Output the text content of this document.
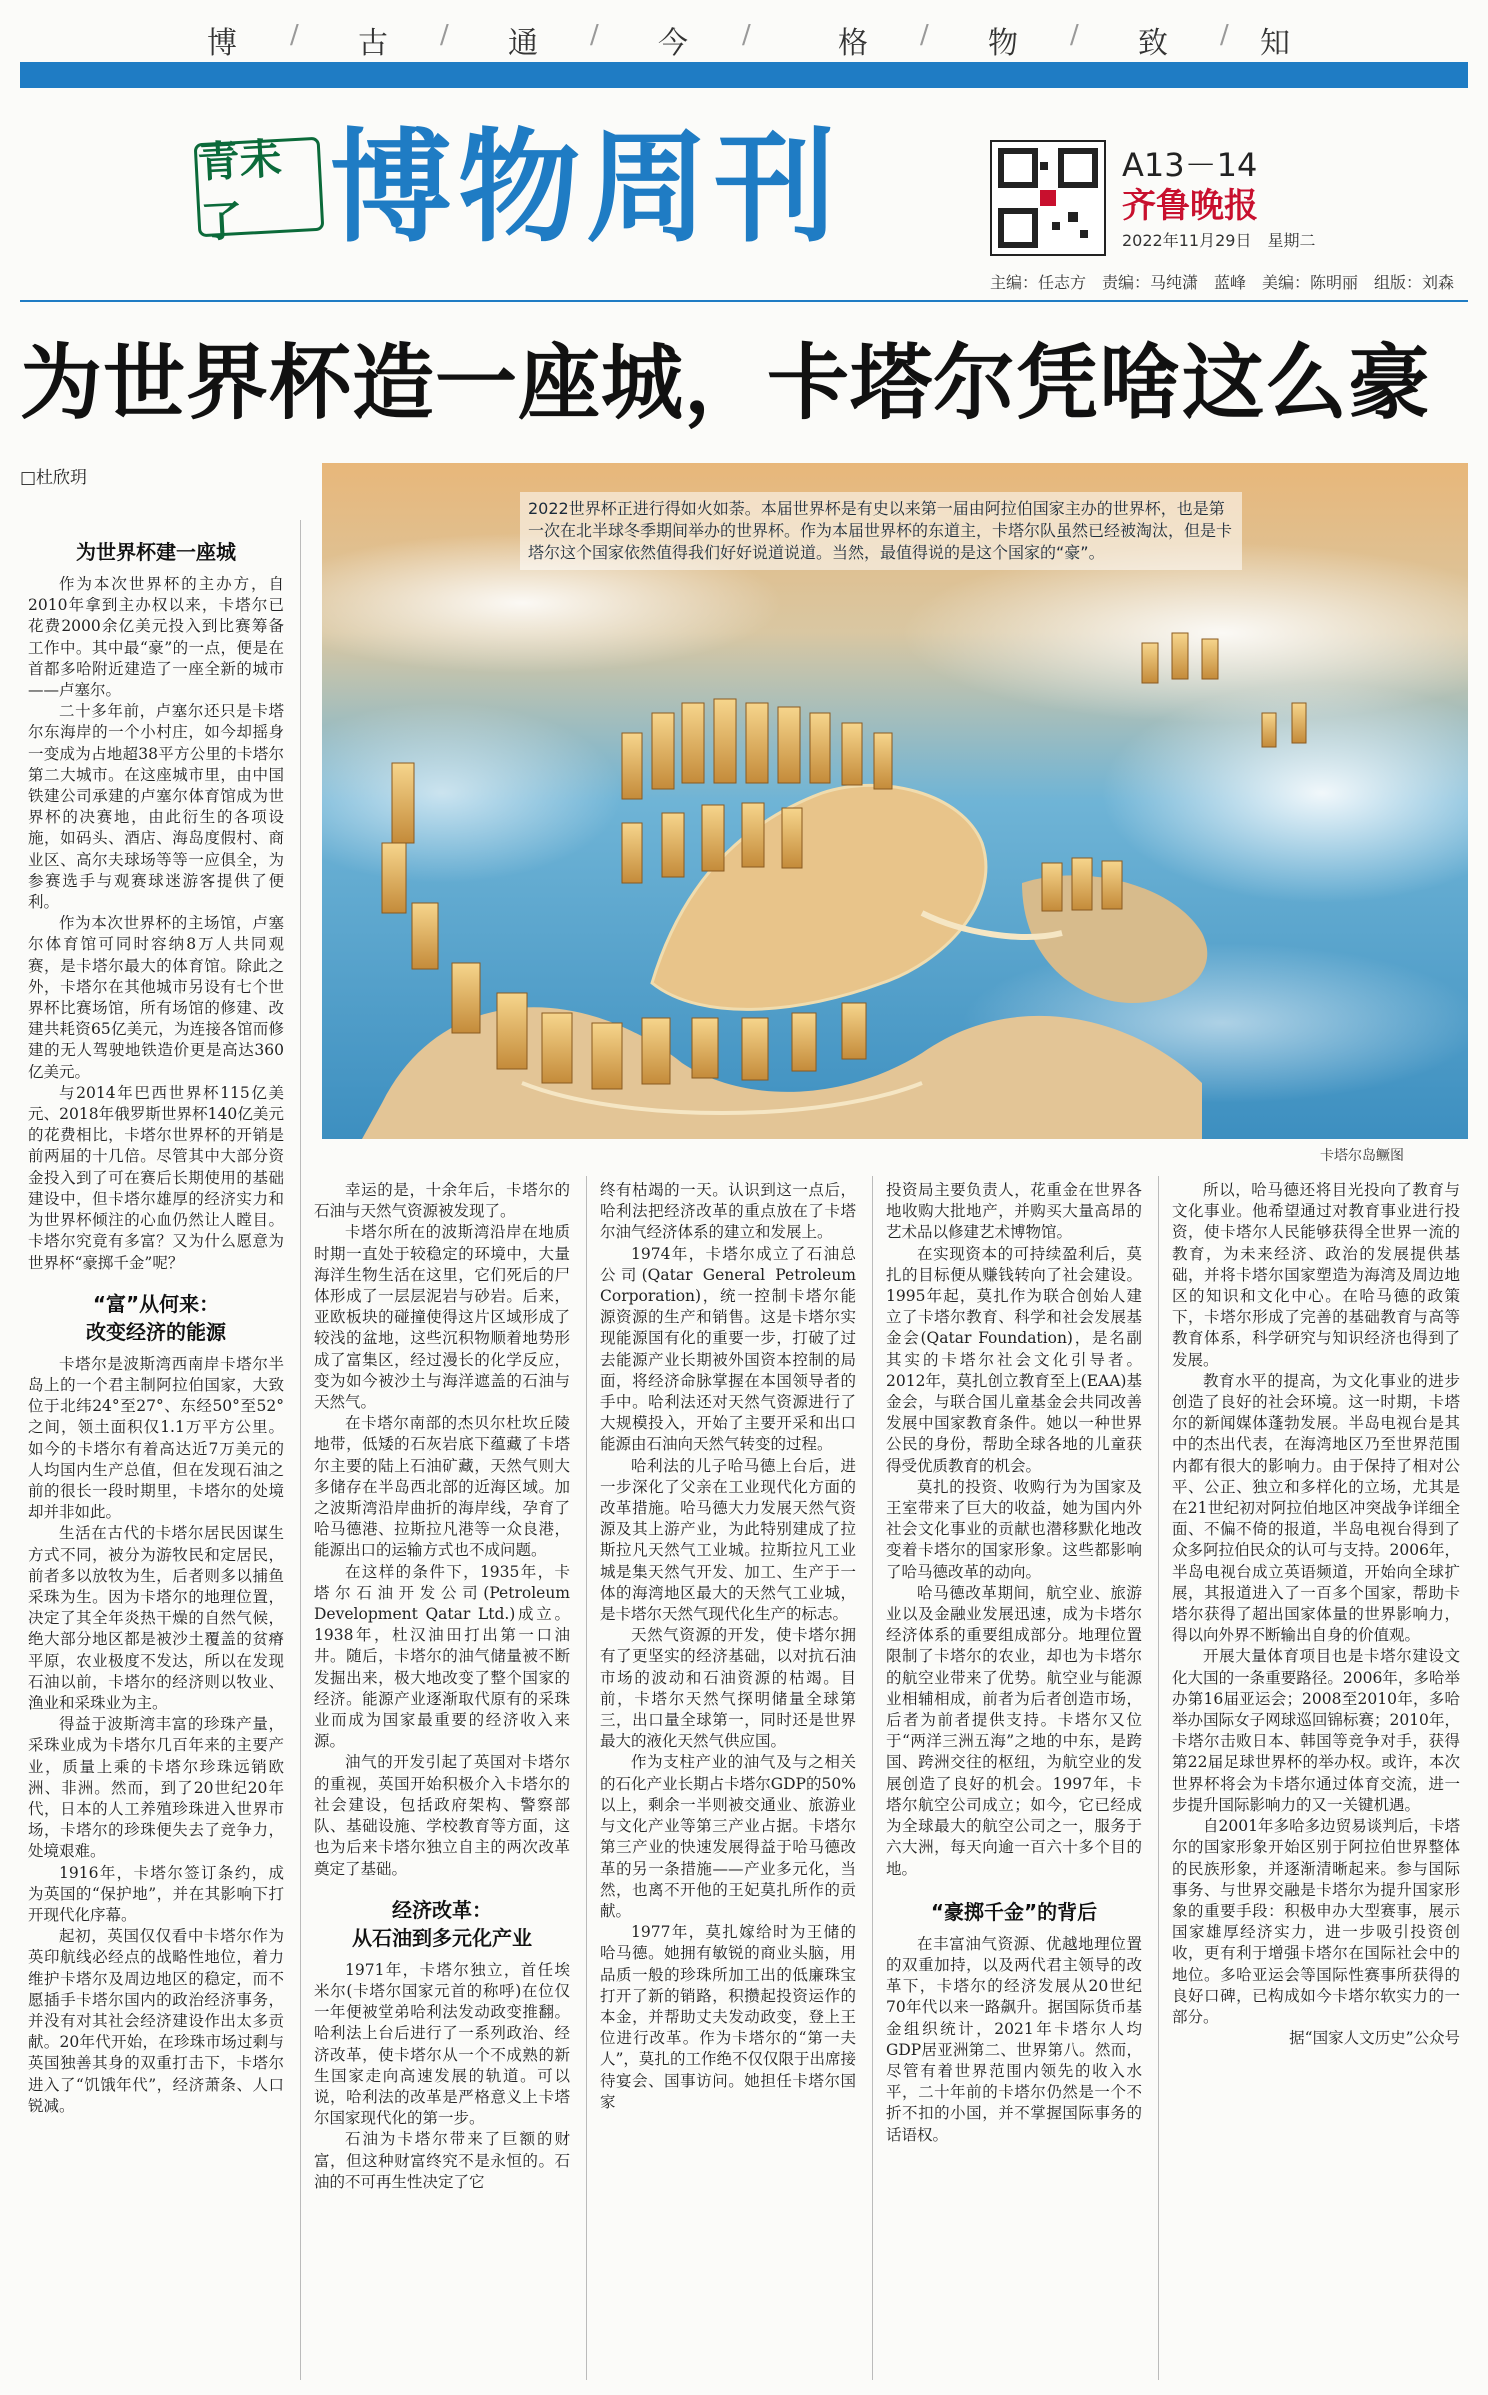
博 / 古 / 通 / 今 /	格 / 物 / 致 / 知
青未了 博物周刊	A13－14
齐鲁晚报
2022年11月29日　星期二
主编：任志方　责编：马纯潇　蓝峰　美编：陈明丽　组版：刘森
为世界杯造一座城，卡塔尔凭啥这么豪
□杜欣玥
2022世界杯正进行得如火如荼。本届世界杯是有史以来第一届由阿拉伯国家主办的世界杯，也是第一次在北半球冬季期间举办的世界杯。作为本届世界杯的东道主，卡塔尔队虽然已经被淘汰，但是卡塔尔这个国家依然值得我们好好说道说道。当然，最值得说的是这个国家的“豪”。
卡塔尔岛鳜图
为世界杯建一座城

作为本次世界杯的主办方，自2010年拿到主办权以来，卡塔尔已花费2000余亿美元投入到比赛筹备工作中。其中最“豪”的一点，便是在首都多哈附近建造了一座全新的城市——卢塞尔。

二十多年前，卢塞尔还只是卡塔尔东海岸的一个小村庄，如今却摇身一变成为占地超38平方公里的卡塔尔第二大城市。在这座城市里，由中国铁建公司承建的卢塞尔体育馆成为世界杯的决赛地，由此衍生的各项设施，如码头、酒店、海岛度假村、商业区、高尔夫球场等等一应俱全，为参赛选手与观赛球迷游客提供了便利。

作为本次世界杯的主场馆，卢塞尔体育馆可同时容纳8万人共同观赛，是卡塔尔最大的体育馆。除此之外，卡塔尔在其他城市另设有七个世界杯比赛场馆，所有场馆的修建、改建共耗资65亿美元，为连接各馆而修建的无人驾驶地铁造价更是高达360亿美元。

与2014年巴西世界杯115亿美元、2018年俄罗斯世界杯140亿美元的花费相比，卡塔尔世界杯的开销是前两届的十几倍。尽管其中大部分资金投入到了可在赛后长期使用的基础建设中，但卡塔尔雄厚的经济实力和为世界杯倾注的心血仍然让人瞠目。卡塔尔究竟有多富？又为什么愿意为世界杯“豪掷千金”呢？

“富”从何来：
改变经济的能源

卡塔尔是波斯湾西南岸卡塔尔半岛上的一个君主制阿拉伯国家，大致位于北纬24°至27°、东经50°至52°之间，领土面积仅1.1万平方公里。如今的卡塔尔有着高达近7万美元的人均国内生产总值，但在发现石油之前的很长一段时期里，卡塔尔的处境却并非如此。

生活在古代的卡塔尔居民因谋生方式不同，被分为游牧民和定居民，前者多以放牧为生，后者则多以捕鱼采珠为生。因为卡塔尔的地理位置，决定了其全年炎热干燥的自然气候，绝大部分地区都是被沙土覆盖的贫瘠平原，农业极度不发达，所以在发现石油以前，卡塔尔的经济则以牧业、渔业和采珠业为主。

得益于波斯湾丰富的珍珠产量，采珠业成为卡塔尔几百年来的主要产业，质量上乘的卡塔尔珍珠远销欧洲、非洲。然而，到了20世纪20年代，日本的人工养殖珍珠进入世界市场，卡塔尔的珍珠便失去了竞争力，处境艰难。

1916年，卡塔尔签订条约，成为英国的“保护地”，并在其影响下打开现代化序幕。

起初，英国仅仅看中卡塔尔作为英印航线必经点的战略性地位，着力维护卡塔尔及周边地区的稳定，而不愿插手卡塔尔国内的政治经济事务，并没有对其社会经济建设作出太多贡献。20年代开始，在珍珠市场过剩与英国独善其身的双重打击下，卡塔尔进入了“饥饿年代”，经济萧条、人口锐减。

幸运的是，十余年后，卡塔尔的石油与天然气资源被发现了。

卡塔尔所在的波斯湾沿岸在地质时期一直处于较稳定的环境中，大量海洋生物生活在这里，它们死后的尸体形成了一层层泥岩与砂岩。后来，亚欧板块的碰撞使得这片区域形成了较浅的盆地，这些沉积物顺着地势形成了富集区，经过漫长的化学反应，变为如今被沙土与海洋遮盖的石油与天然气。

在卡塔尔南部的杰贝尔杜坎丘陵地带，低矮的石灰岩底下蕴藏了卡塔尔主要的陆上石油矿藏，天然气则大多储存在半岛西北部的近海区域。加之波斯湾沿岸曲折的海岸线，孕育了哈马德港、拉斯拉凡港等一众良港，能源出口的运输方式也不成问题。

在这样的条件下，1935年，卡塔尔石油开发公司(Petroleum Development Qatar Ltd.)成立。1938年，杜汉油田打出第一口油井。随后，卡塔尔的油气储量被不断发掘出来，极大地改变了整个国家的经济。能源产业逐渐取代原有的采珠业而成为国家最重要的经济收入来源。

油气的开发引起了英国对卡塔尔的重视，英国开始积极介入卡塔尔的社会建设，包括政府架构、警察部队、基础设施、学校教育等方面，这也为后来卡塔尔独立自主的两次改革奠定了基础。

经济改革：
从石油到多元化产业

1971年，卡塔尔独立，首任埃米尔(卡塔尔国家元首的称呼)在位仅一年便被堂弟哈利法发动政变推翻。哈利法上台后进行了一系列政治、经济改革，使卡塔尔从一个不成熟的新生国家走向高速发展的轨道。可以说，哈利法的改革是严格意义上卡塔尔国家现代化的第一步。

石油为卡塔尔带来了巨额的财富，但这种财富终究不是永恒的。石油的不可再生性决定了它

终有枯竭的一天。认识到这一点后，哈利法把经济改革的重点放在了卡塔尔油气经济体系的建立和发展上。

1974年，卡塔尔成立了石油总公司(Qatar General Petroleum Corporation)，统一控制卡塔尔能源资源的生产和销售。这是卡塔尔实现能源国有化的重要一步，打破了过去能源产业长期被外国资本控制的局面，将经济命脉掌握在本国领导者的手中。哈利法还对天然气资源进行了大规模投入，开始了主要开采和出口能源由石油向天然气转变的过程。

哈利法的儿子哈马德上台后，进一步深化了父亲在工业现代化方面的改革措施。哈马德大力发展天然气资源及其上游产业，为此特别建成了拉斯拉凡天然气工业城。拉斯拉凡工业城是集天然气开发、加工、生产于一体的海湾地区最大的天然气工业城，是卡塔尔天然气现代化生产的标志。

天然气资源的开发，使卡塔尔拥有了更坚实的经济基础，以对抗石油市场的波动和石油资源的枯竭。目前，卡塔尔天然气探明储量全球第三，出口量全球第一，同时还是世界最大的液化天然气供应国。

作为支柱产业的油气及与之相关的石化产业长期占卡塔尔GDP的50%以上，剩余一半则被交通业、旅游业与文化产业等第三产业占据。卡塔尔第三产业的快速发展得益于哈马德改革的另一条措施——产业多元化，当然，也离不开他的王妃莫扎所作的贡献。

1977年，莫扎嫁给时为王储的哈马德。她拥有敏锐的商业头脑，用品质一般的珍珠所加工出的低廉珠宝打开了新的销路，积攒起投资运作的本金，并帮助丈夫发动政变，登上王位进行改革。作为卡塔尔的“第一夫人”，莫扎的工作绝不仅仅限于出席接待宴会、国事访问。她担任卡塔尔国家

投资局主要负责人，花重金在世界各地收购大批地产，并购买大量高昂的艺术品以修建艺术博物馆。

在实现资本的可持续盈利后，莫扎的目标便从赚钱转向了社会建设。1995年起，莫扎作为联合创始人建立了卡塔尔教育、科学和社会发展基金会(Qatar Foundation)，是名副其实的卡塔尔社会文化引导者。2012年，莫扎创立教育至上(EAA)基金会，与联合国儿童基金会共同改善发展中国家教育条件。她以一种世界公民的身份，帮助全球各地的儿童获得受优质教育的机会。

莫扎的投资、收购行为为国家及王室带来了巨大的收益，她为国内外社会文化事业的贡献也潜移默化地改变着卡塔尔的国家形象。这些都影响了哈马德改革的动向。

哈马德改革期间，航空业、旅游业以及金融业发展迅速，成为卡塔尔经济体系的重要组成部分。地理位置限制了卡塔尔的农业，却也为卡塔尔的航空业带来了优势。航空业与能源业相辅相成，前者为后者创造市场，后者为前者提供支持。卡塔尔又位于“两洋三洲五海”之地的中东，是跨国、跨洲交往的枢纽，为航空业的发展创造了良好的机会。1997年，卡塔尔航空公司成立；如今，它已经成为全球最大的航空公司之一，服务于六大洲，每天向逾一百六十多个目的地。

“豪掷千金”的背后

在丰富油气资源、优越地理位置的双重加持，以及两代君主领导的改革下，卡塔尔的经济发展从20世纪70年代以来一路飙升。据国际货币基金组织统计，2021年卡塔尔人均GDP居亚洲第二、世界第八。然而，尽管有着世界范围内领先的收入水平，二十年前的卡塔尔仍然是一个不折不扣的小国，并不掌握国际事务的话语权。

所以，哈马德还将目光投向了教育与文化事业。他希望通过对教育事业进行投资，使卡塔尔人民能够获得全世界一流的教育，为未来经济、政治的发展提供基础，并将卡塔尔国家塑造为海湾及周边地区的知识和文化中心。在哈马德的政策下，卡塔尔形成了完善的基础教育与高等教育体系，科学研究与知识经济也得到了发展。

教育水平的提高，为文化事业的进步创造了良好的社会环境。这一时期，卡塔尔的新闻媒体蓬勃发展。半岛电视台是其中的杰出代表，在海湾地区乃至世界范围内都有很大的影响力。由于保持了相对公平、公正、独立和多样化的立场，尤其是在21世纪初对阿拉伯地区冲突战争详细全面、不偏不倚的报道，半岛电视台得到了众多阿拉伯民众的认可与支持。2006年，半岛电视台成立英语频道，开始向全球扩展，其报道进入了一百多个国家，帮助卡塔尔获得了超出国家体量的世界影响力，得以向外界不断输出自身的价值观。

开展大量体育项目也是卡塔尔建设文化大国的一条重要路径。2006年，多哈举办第16届亚运会；2008至2010年，多哈举办国际女子网球巡回锦标赛；2010年，卡塔尔击败日本、韩国等竞争对手，获得第22届足球世界杯的举办权。或许，本次世界杯将会为卡塔尔通过体育交流，进一步提升国际影响力的又一关键机遇。

自2001年多哈多边贸易谈判后，卡塔尔的国家形象开始区别于阿拉伯世界整体的民族形象，并逐渐清晰起来。参与国际事务、与世界交融是卡塔尔为提升国家形象的重要手段：积极申办大型赛事，展示国家雄厚经济实力，进一步吸引投资创收，更有利于增强卡塔尔在国际社会中的地位。多哈亚运会等国际性赛事所获得的良好口碑，已构成如今卡塔尔软实力的一部分。

据“国家人文历史”公众号
